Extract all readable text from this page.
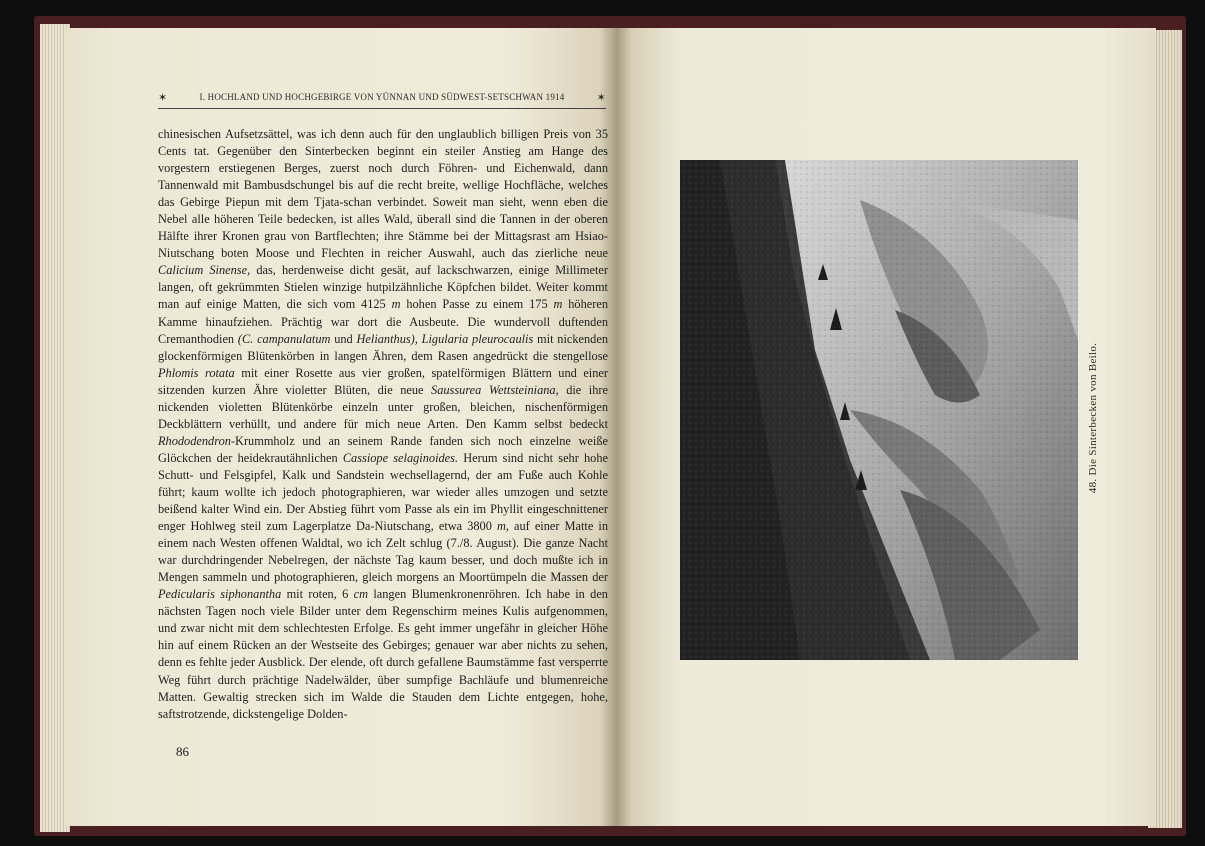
✶	I. HOCHLAND UND HOCHGEBIRGE VON YÜNNAN UND SÜDWEST-SETSCHWAN 1914	✶

chinesischen Aufsetzsättel, was ich denn auch für den unglaublich billigen Preis von 35 Cents tat. Gegenüber den Sinterbecken beginnt ein steiler Anstieg am Hange des vorgestern erstiegenen Berges, zuerst noch durch Föhren- und Eichenwald, dann Tannenwald mit Bambusdschungel bis auf die recht breite, wellige Hochfläche, welches das Gebirge Piepun mit dem Tjata-schan verbindet. Soweit man sieht, wenn eben die Nebel alle höheren Teile bedecken, ist alles Wald, überall sind die Tannen in der oberen Hälfte ihrer Kronen grau von Bartflechten; ihre Stämme bei der Mittagsrast am Hsiao-Niutschang boten Moose und Flechten in reicher Auswahl, auch das zierliche neue Calicium Sinense, das, herdenweise dicht gesät, auf lackschwarzen, einige Millimeter langen, oft gekrümmten Stielen winzige hutpilzähnliche Köpfchen bildet. Weiter kommt man auf einige Matten, die sich vom 4125 m hohen Passe zu einem 175 m höheren Kamme hinaufziehen. Prächtig war dort die Ausbeute. Die wundervoll duftenden Cremanthodien (C. campanulatum und Helianthus), Ligularia pleurocaulis mit nickenden glockenförmigen Blütenkörben in langen Ähren, dem Rasen angedrückt die stengellose Phlomis rotata mit einer Rosette aus vier großen, spatelförmigen Blättern und einer sitzenden kurzen Ähre violetter Blüten, die neue Saussurea Wettsteiniana, die ihre nickenden violetten Blütenkörbe einzeln unter großen, bleichen, nischenförmigen Deckblättern verhüllt, und andere für mich neue Arten. Den Kamm selbst bedeckt Rhododendron-Krummholz und an seinem Rande fanden sich noch einzelne weiße Glöckchen der heidekrautähnlichen Cassiope selaginoides. Herum sind nicht sehr hohe Schutt- und Felsgipfel, Kalk und Sandstein wechsellagernd, der am Fuße auch Kohle führt; kaum wollte ich jedoch photographieren, war wieder alles umzogen und setzte beißend kalter Wind ein. Der Abstieg führt vom Passe als ein im Phyllit eingeschnittener enger Hohlweg steil zum Lagerplatze Da-Niutschang, etwa 3800 m, auf einer Matte in einem nach Westen offenen Waldtal, wo ich Zelt schlug (7./8. August). Die ganze Nacht war durchdringender Nebelregen, der nächste Tag kaum besser, und doch mußte ich in Mengen sammeln und photographieren, gleich morgens an Moortümpeln die Massen der Pedicularis siphonantha mit roten, 6 cm langen Blumenkronenröhren. Ich habe in den nächsten Tagen noch viele Bilder unter dem Regenschirm meines Kulis aufgenommen, und zwar nicht mit dem schlechtesten Erfolge. Es geht immer ungefähr in gleicher Höhe hin auf einem Rücken an der Westseite des Gebirges; genauer war aber nichts zu sehen, denn es fehlte jeder Ausblick. Der elende, oft durch gefallene Baumstämme fast versperrte Weg führt durch prächtige Nadelwälder, über sumpfige Bachläufe und blumenreiche Matten. Gewaltig strecken sich im Walde die Stauden dem Lichte entgegen, hohe, saftstrotzende, dickstengelige Dolden-

86
48. Die Sinterbecken von Beilo.
